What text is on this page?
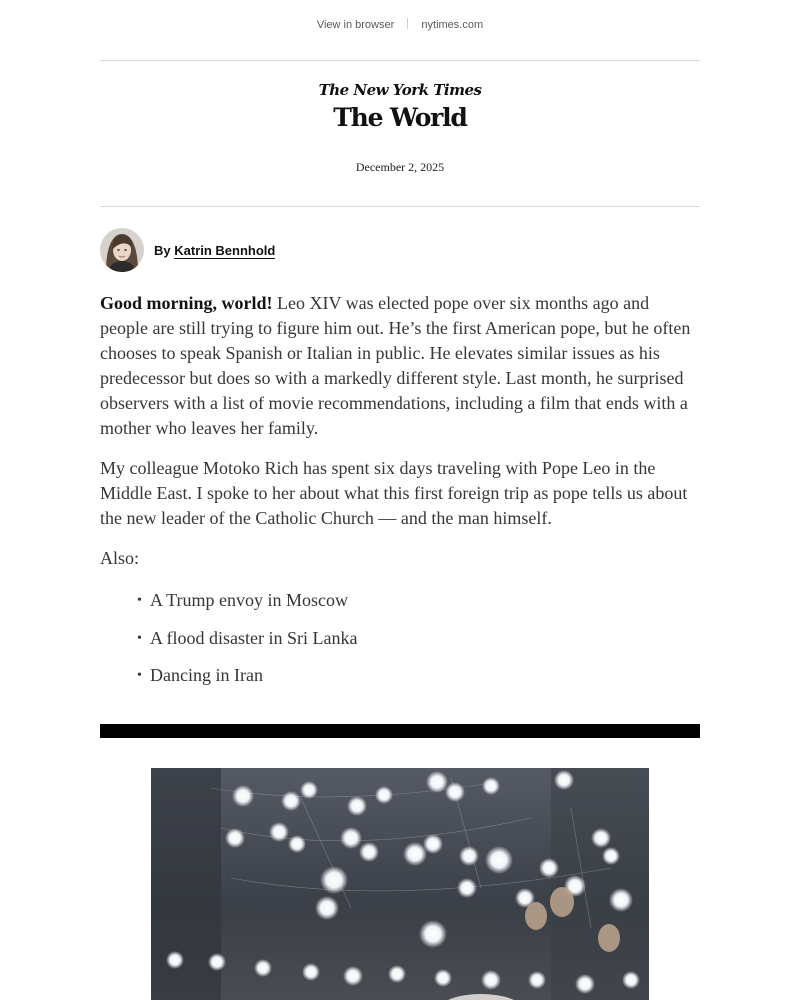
View in browser nytimes.com
The New York Times
The World
December 2, 2025
By Katrin Bennhold

Good morning, world! Leo XIV was elected pope over six months ago and people are still trying to figure him out. He’s the first American pope, but he often chooses to speak Spanish or Italian in public. He elevates similar issues as his predecessor but does so with a markedly different style. Last month, he surprised observers with a list of movie recommendations, including a film that ends with a mother who leaves her family.

My colleague Motoko Rich has spent six days traveling with Pope Leo in the Middle East. I spoke to her about what this first foreign trip as pope tells us about the new leader of the Catholic Church — and the man himself.

Also:

• A Trump envoy in Moscow
• A flood disaster in Sri Lanka
• Dancing in Iran
